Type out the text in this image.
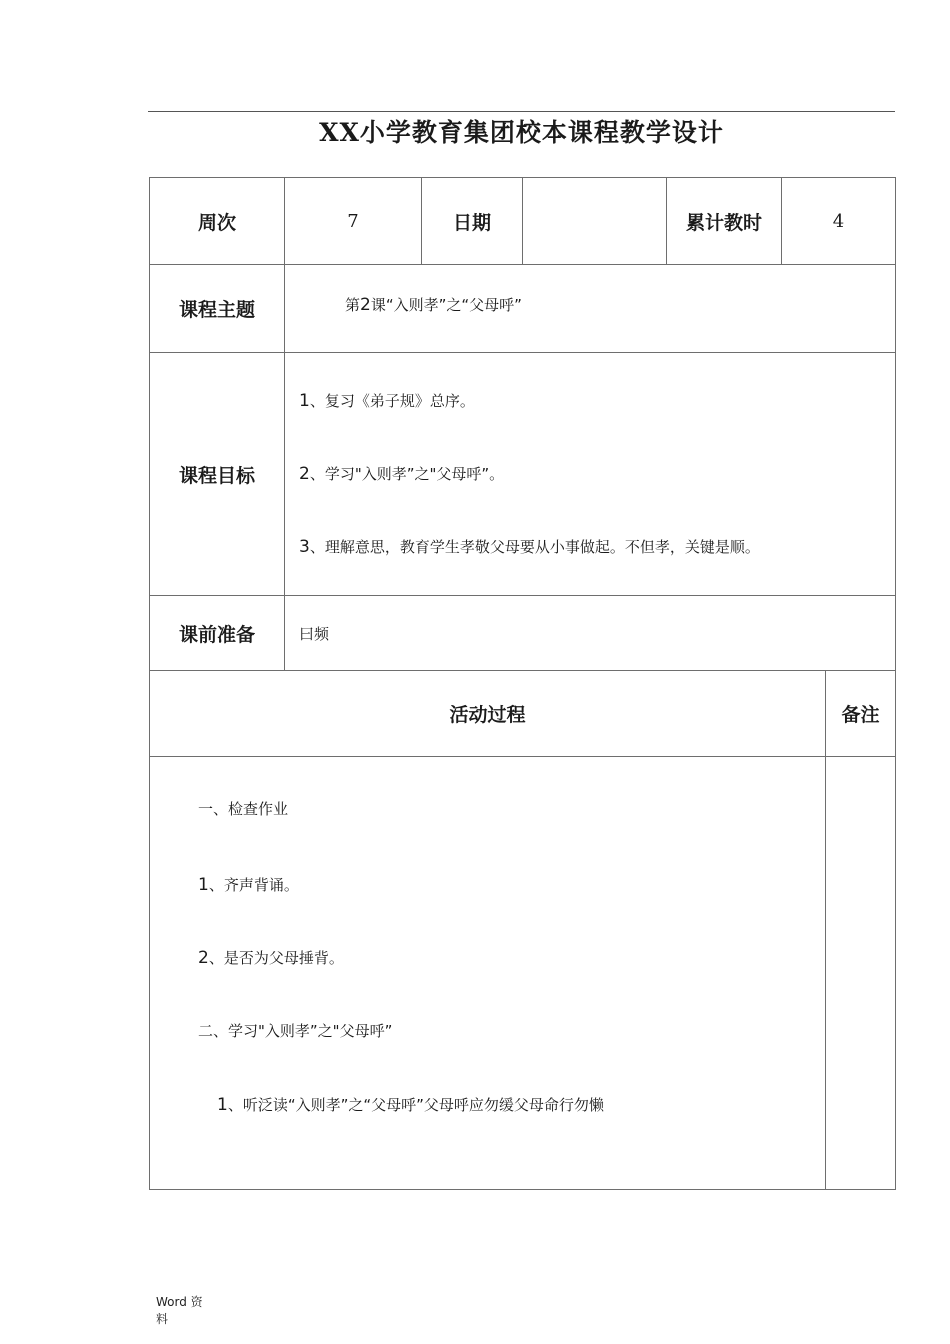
XX小学教育集团校本课程教学设计
周次	7	日期		累计教时	4	
课程主题	第2课“入则孝”之“父母呼”					
课程目标	1、复习《弟子规》总序。

2、学习"入则孝”之"父母呼”。

3、理解意思，教育学生孝敬父母要从小事做起。不但孝，关键是顺。					

课前准备	曰频					
活动过程						备注

一、检查作业

1、齐声背诵。

2、是否为父母捶背。

二、学习"入则孝”之"父母呼”

1、听泛读“入则孝”之“父母呼”父母呼应勿缓父母命行勿懒						

Word 资
料
